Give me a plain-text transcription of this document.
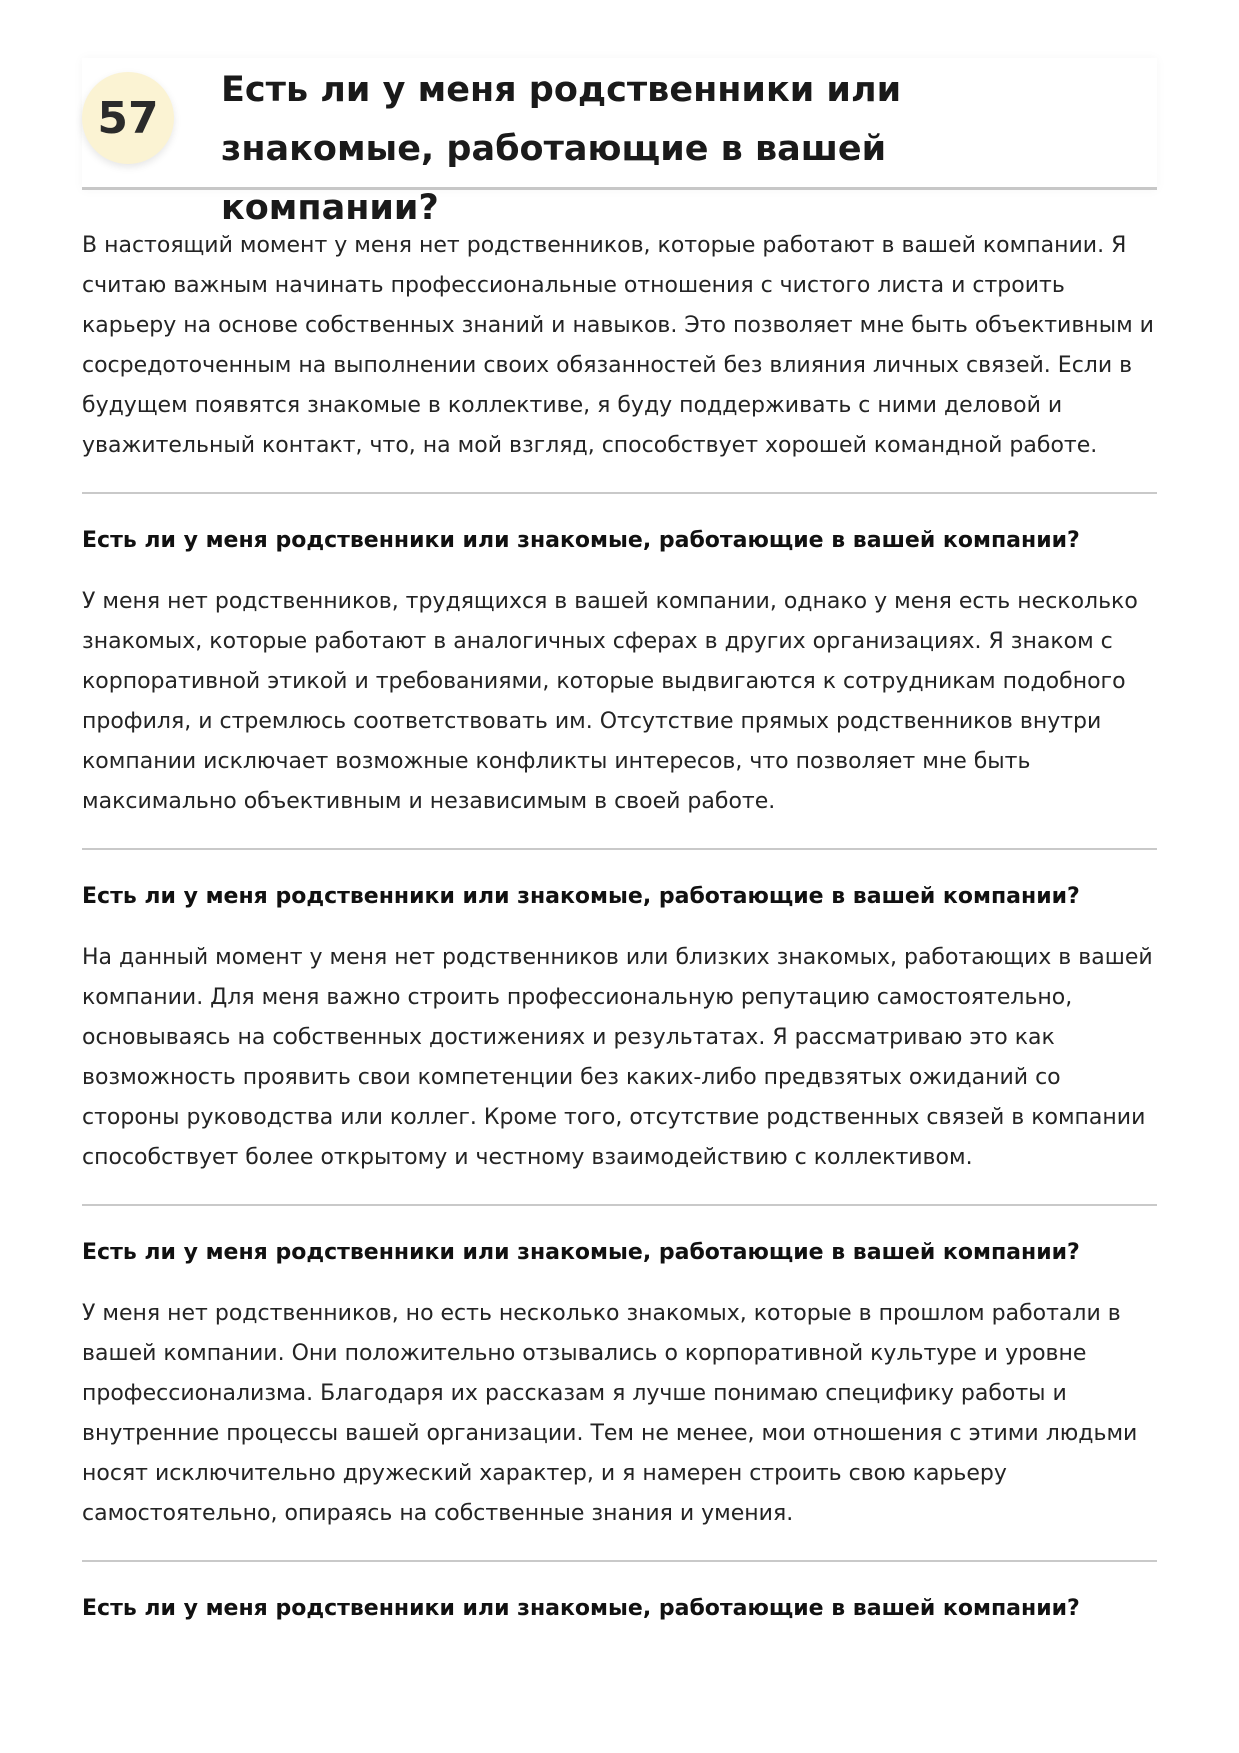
57
Есть ли у меня родственники или знакомые, работающие в вашей компании?

В настоящий момент у меня нет родственников, которые работают в вашей компании. Я считаю важным начинать профессиональные отношения с чистого листа и строить карьеру на основе собственных знаний и навыков. Это позволяет мне быть объективным и сосредоточенным на выполнении своих обязанностей без влияния личных связей. Если в будущем появятся знакомые в коллективе, я буду поддерживать с ними деловой и уважительный контакт, что, на мой взгляд, способствует хорошей командной работе.

Есть ли у меня родственники или знакомые, работающие в вашей компании?

У меня нет родственников, трудящихся в вашей компании, однако у меня есть несколько знакомых, которые работают в аналогичных сферах в других организациях. Я знаком с корпоративной этикой и требованиями, которые выдвигаются к сотрудникам подобного профиля, и стремлюсь соответствовать им. Отсутствие прямых родственников внутри компании исключает возможные конфликты интересов, что позволяет мне быть максимально объективным и независимым в своей работе.

Есть ли у меня родственники или знакомые, работающие в вашей компании?

На данный момент у меня нет родственников или близких знакомых, работающих в вашей компании. Для меня важно строить профессиональную репутацию самостоятельно, основываясь на собственных достижениях и результатах. Я рассматриваю это как возможность проявить свои компетенции без каких-либо предвзятых ожиданий со стороны руководства или коллег. Кроме того, отсутствие родственных связей в компании способствует более открытому и честному взаимодействию с коллективом.

Есть ли у меня родственники или знакомые, работающие в вашей компании?

У меня нет родственников, но есть несколько знакомых, которые в прошлом работали в вашей компании. Они положительно отзывались о корпоративной культуре и уровне профессионализма. Благодаря их рассказам я лучше понимаю специфику работы и внутренние процессы вашей организации. Тем не менее, мои отношения с этими людьми носят исключительно дружеский характер, и я намерен строить свою карьеру самостоятельно, опираясь на собственные знания и умения.

Есть ли у меня родственники или знакомые, работающие в вашей компании?
